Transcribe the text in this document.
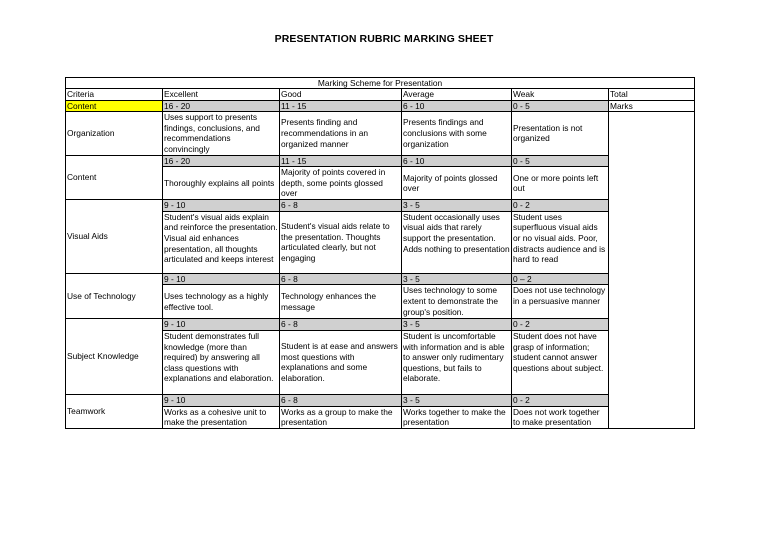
PRESENTATION RUBRIC MARKING SHEET
Marking Scheme for Presentation					
Criteria	Excellent	Good	Average	Weak	Total
Content	16 - 20	11 - 15	6 - 10	0 - 5	Marks
Organization	Uses support to presents findings, conclusions, and recommendations convincingly	Presents finding and recommendations in an organized manner	Presents findings and conclusions with some organization	Presentation is not organized	
Content	16 - 20	11 - 15	6 - 10	0 - 5	
	Thoroughly explains all points	Majority of points covered in depth, some points glossed over	Majority of points glossed over	One or more points left out	
Visual Aids	9 - 10	6 - 8	3 - 5	0 - 2	
	Student's visual aids explain and reinforce the presentation. Visual aid enhances presentation, all thoughts articulated and keeps interest	Student's visual aids relate to the presentation. Thoughts articulated clearly, but not engaging	Student occasionally uses visual aids that rarely support the presentation. Adds nothing to presentation	Student uses superfluous visual aids or no visual aids. Poor, distracts audience and is hard to read	
Use of Technology	9 - 10	6 - 8	3 - 5	0 – 2	
	Uses technology as a highly effective tool.	Technology enhances the message	Uses technology to some extent to demonstrate the group's position.	Does not use technology in a persuasive manner	
Subject Knowledge	9 - 10	6 - 8	3 - 5	0 - 2	
	Student demonstrates full knowledge (more than required) by answering all class questions with explanations and elaboration.	Student is at ease and answers most questions with explanations and some elaboration.	Student is uncomfortable with information and is able to answer only rudimentary questions, but fails to elaborate.	Student does not have grasp of information; student cannot answer questions about subject.	
Teamwork	9 - 10	6 - 8	3 - 5	0 - 2	
	Works as a cohesive unit to make the presentation	Works as a group to make the presentation	Works together to make the presentation	Does not work together to make presentation	
